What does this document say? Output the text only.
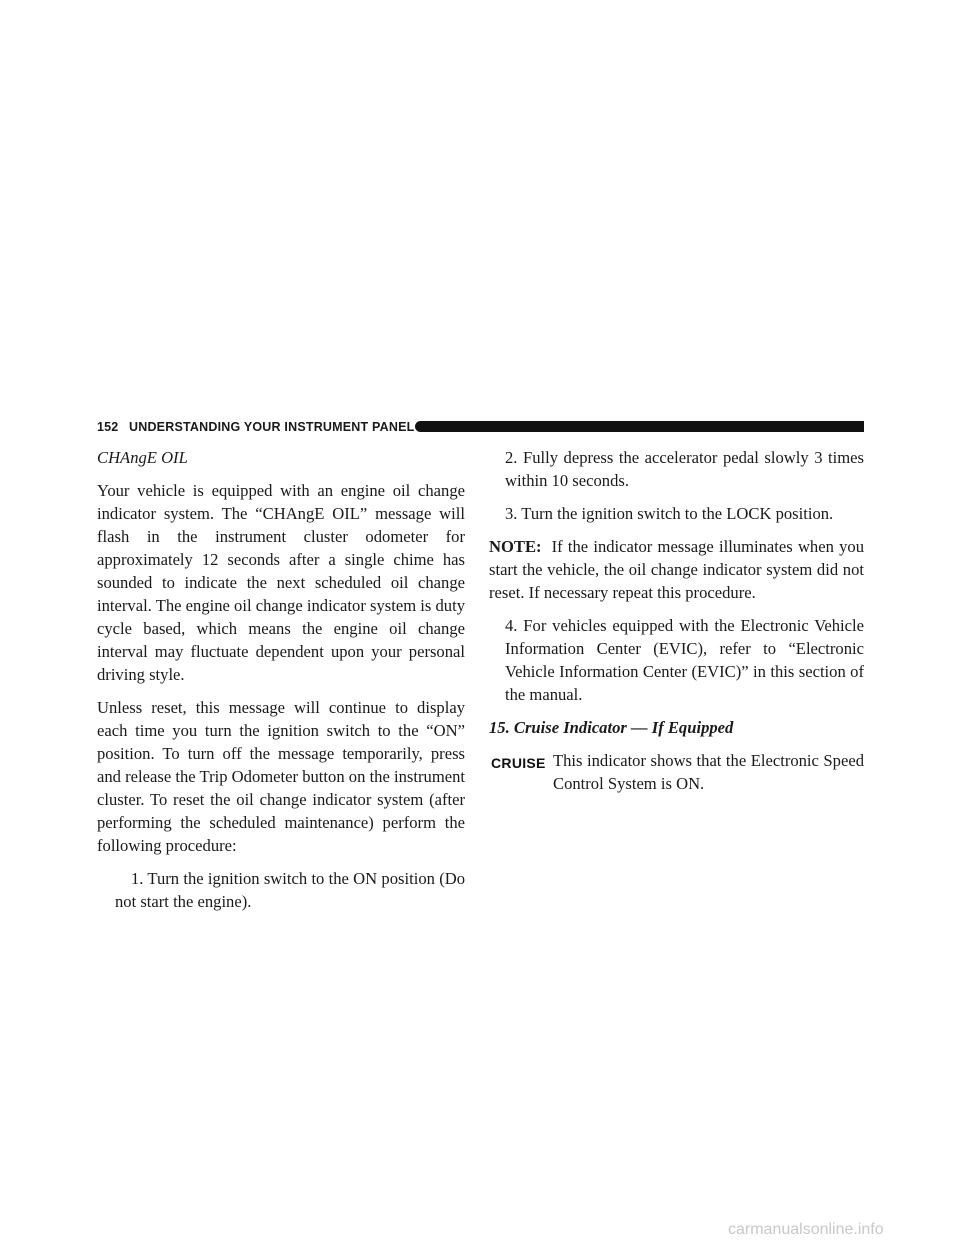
152 UNDERSTANDING YOUR INSTRUMENT PANEL

CHAngE OIL

Your vehicle is equipped with an engine oil change indicator system. The “CHAngE OIL” message will flash in the instrument cluster odometer for approximately 12 seconds after a single chime has sounded to indicate the next scheduled oil change interval. The engine oil change indicator system is duty cycle based, which means the engine oil change interval may fluctuate dependent upon your personal driving style.

Unless reset, this message will continue to display each time you turn the ignition switch to the “ON” position. To turn off the message temporarily, press and release the Trip Odometer button on the instrument cluster. To reset the oil change indicator system (after performing the scheduled maintenance) perform the following procedure:

1. Turn the ignition switch to the ON position (Do not start the engine).

2. Fully depress the accelerator pedal slowly 3 times within 10 seconds.

3. Turn the ignition switch to the LOCK position.

NOTE: If the indicator message illuminates when you start the vehicle, the oil change indicator system did not reset. If necessary repeat this procedure.

4. For vehicles equipped with the Electronic Vehicle Information Center (EVIC), refer to “Electronic Vehicle Information Center (EVIC)” in this section of the manual.

15. Cruise Indicator — If Equipped

CRUISE This indicator shows that the Electronic Speed Control System is ON.
carmanualsonline.info
